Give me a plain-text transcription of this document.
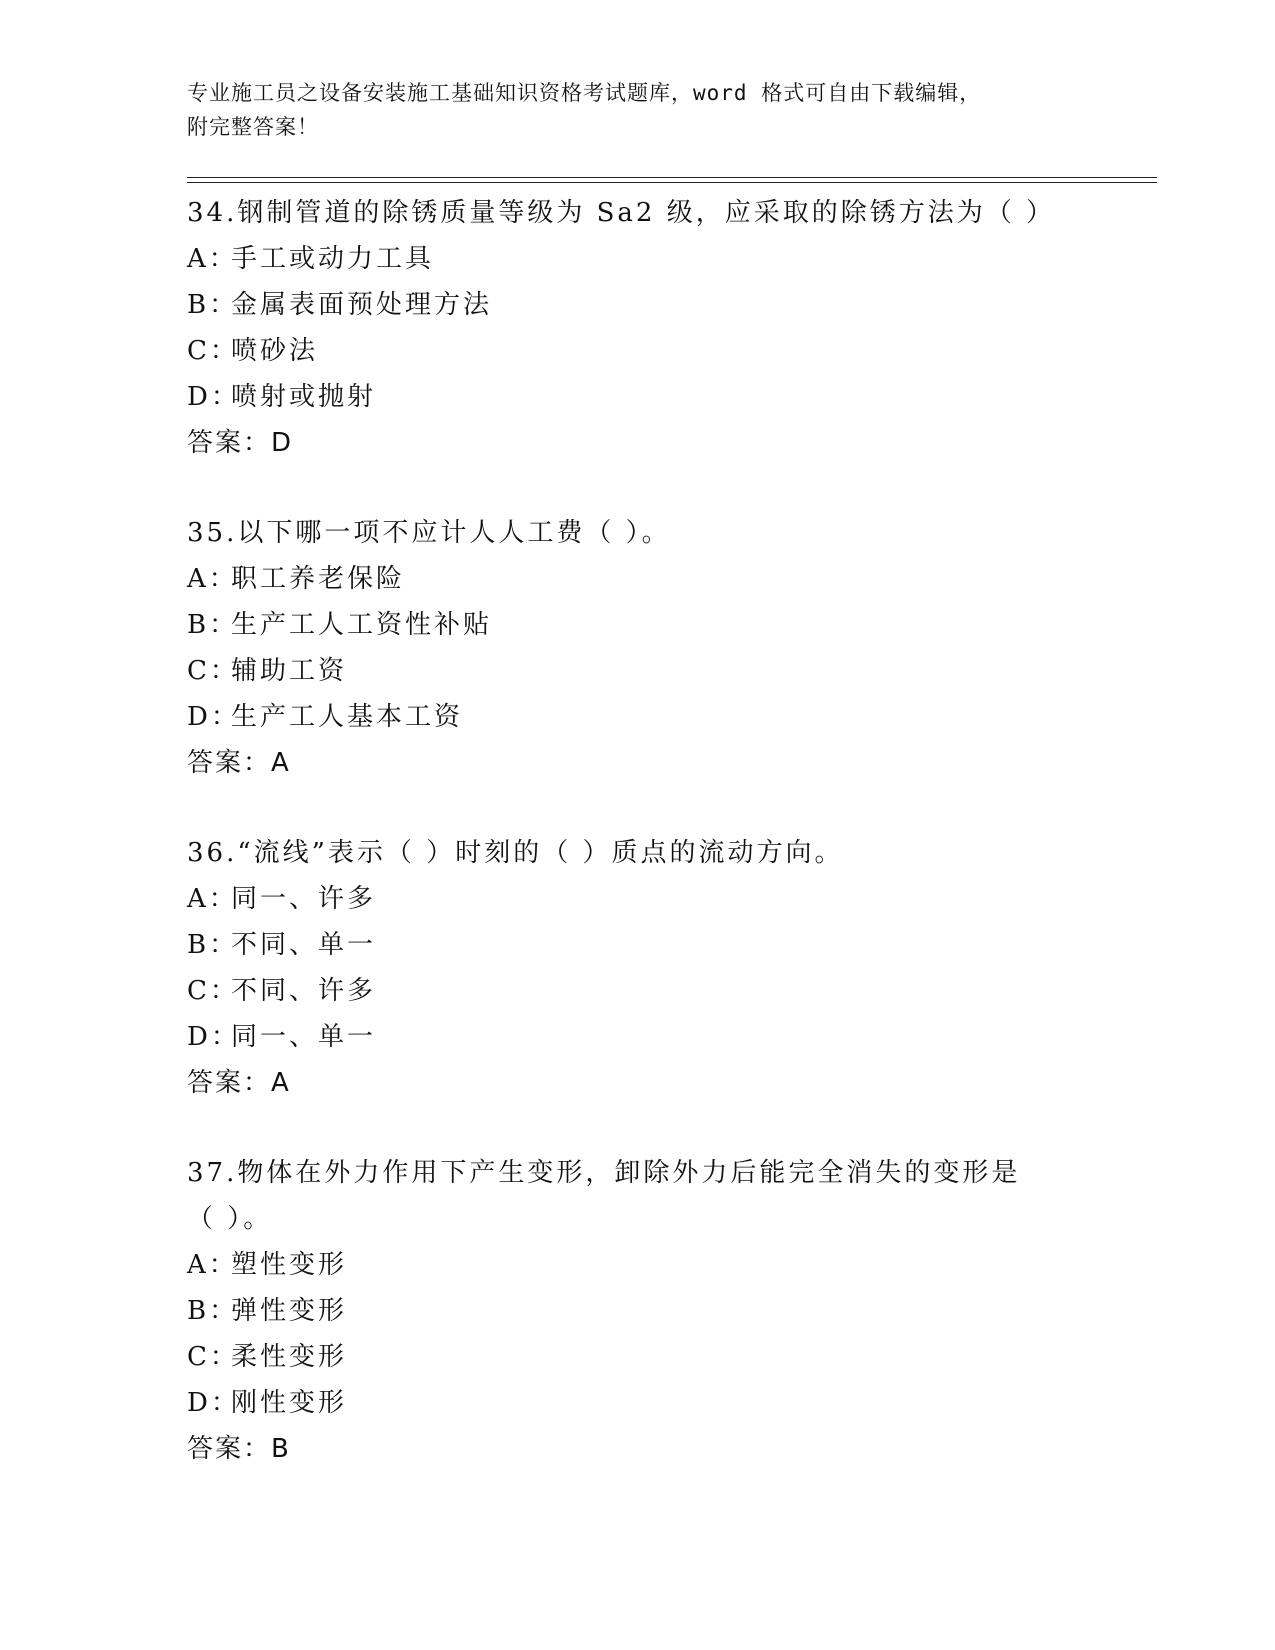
专业施工员之设备安装施工基础知识资格考试题库，word 格式可自由下载编辑，
附完整答案！
34.钢制管道的除锈质量等级为 Sa2 级，应采取的除锈方法为（ ）
A：手工或动力工具
B：金属表面预处理方法
C：喷砂法
D：喷射或抛射
答案：D
35.以下哪一项不应计人人工费（ ）。
A：职工养老保险
B：生产工人工资性补贴
C：辅助工资
D：生产工人基本工资
答案：A
36.“流线”表示（ ）时刻的（ ）质点的流动方向。
A：同一、许多
B：不同、单一
C：不同、许多
D：同一、单一
答案：A
37.物体在外力作用下产生变形，卸除外力后能完全消失的变形是（ ）。
A：塑性变形
B：弹性变形
C：柔性变形
D：刚性变形
答案：B
